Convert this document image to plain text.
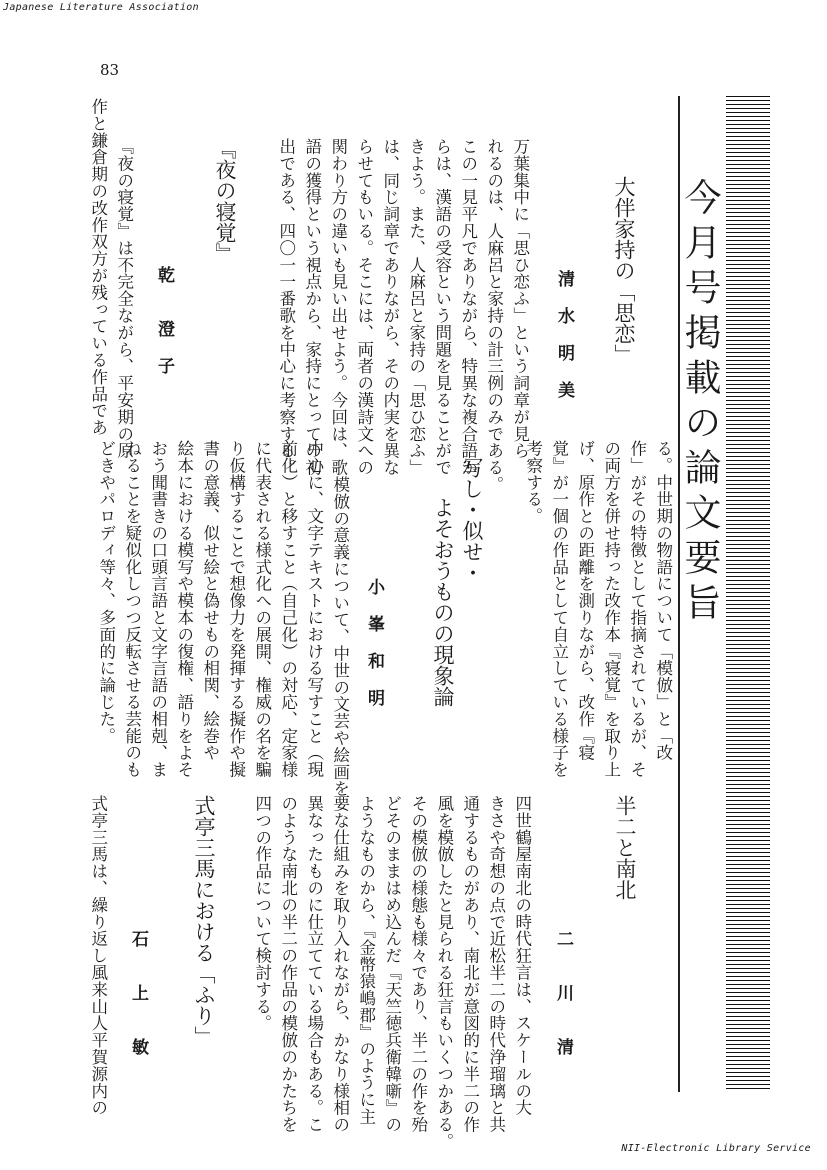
Japanese Literature Association
83
NII-Electronic Library Service
今月号掲載の論文要旨
大伴家持の「思恋」
清 水 明 美
万葉集中に「思ひ恋ふ」という詞章が見ら
れるのは、人麻呂と家持の計三例のみである。
この一見平凡でありながら、特異な複合語か
らは、漢語の受容という問題を見ることがで
きよう。また、人麻呂と家持の「思ひ恋ふ」
は、同じ詞章でありながら、その内実を異な
らせてもいる。そこには、両者の漢詩文への
関わり方の違いも見い出せよう。今回は、歌
語の獲得という視点から、家持にとっての初
出である、四〇一一番歌を中心に考察する。
『夜の寝覚』
乾 　澄 子
『夜の寝覚』は不完全ながら、平安期の原
作と鎌倉期の改作双方が残っている作品であ
る。中世期の物語について「模倣」と「改
作」がその特徴として指摘されているが、そ
の両方を併せ持った改作本『寝覚』を取り上
げ、原作との距離を測りながら、改作『寝
覚』が一個の作品として自立している様子を
考察する。
写し・似せ・
よそおうものの現象論
小 峯 和 明
模倣の意義について、中世の文芸や絵画を
中心に、文字テキストにおける写すこと（現
前化）と移すこと（自己化）の対応、定家様
に代表される様式化への展開、権威の名を騙
り仮構することで想像力を発揮する擬作や擬
書の意義、似せ絵と偽せもの相関、絵巻や
絵本における模写や模本の復権、語りをよそ
おう聞書きの口頭言語と文字言語の相剋、ま
ねることを疑似化しつつ反転させる芸能のも
どきやパロディ等々、多面的に論じた。
半二と南北
二 　川 　清
四世鶴屋南北の時代狂言は、スケールの大
きさや奇想の点で近松半二の時代浄瑠璃と共
通するものがあり、南北が意図的に半二の作
風を模倣したと見られる狂言もいくつかある。
その模倣の様態も様々であり、半二の作を殆
どそのままはめ込んだ『天竺徳兵衛韓噺』の
ようなものから、『金幣猿嶋郡』のように主
要な仕組みを取り入れながら、かなり様相の
異なったものに仕立てている場合もある。こ
のような南北の半二の作品の模倣のかたちを
四つの作品について検討する。
式亭三馬における「ふり」
石 　上 　敏
式亭三馬は、繰り返し風来山人平賀源内の
